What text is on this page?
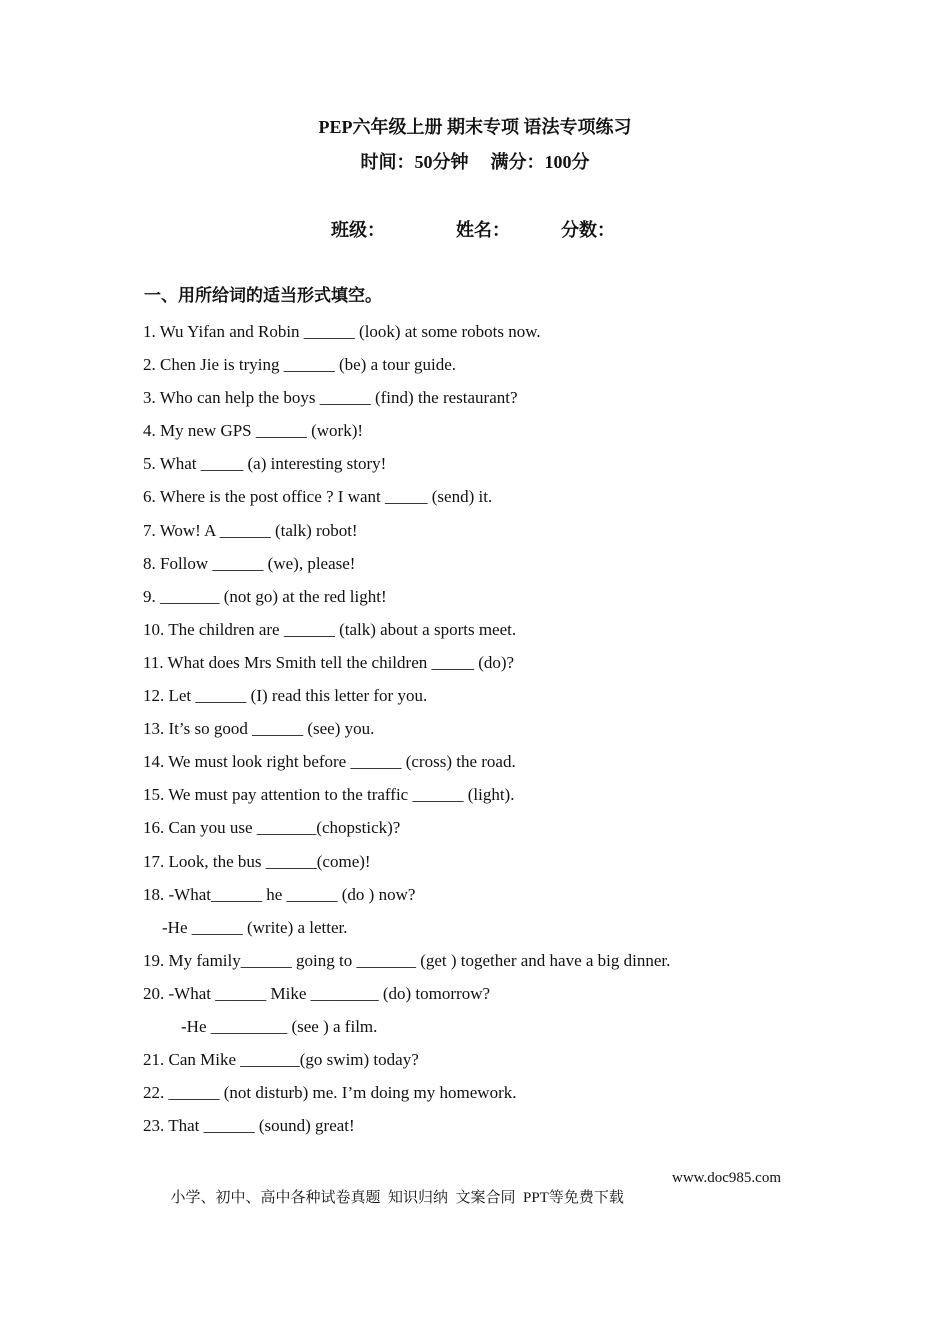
PEP六年级上册 期末专项 语法专项练习
时间：50分钟 满分：100分
班级：	姓名：	分数：
一、用所给词的适当形式填空。
1. Wu Yifan and Robin ______ (look) at some robots now.
2. Chen Jie is trying ______ (be) a tour guide.
3. Who can help the boys ______ (find) the restaurant?
4. My new GPS ______ (work)!
5. What _____ (a) interesting story!
6. Where is the post office ? I want _____ (send) it.
7. Wow! A ______ (talk) robot!
8. Follow ______ (we), please!
9. _______ (not go) at the red light!
10. The children are ______ (talk) about a sports meet.
11. What does Mrs Smith tell the children _____ (do)?
12. Let ______ (I) read this letter for you.
13. It’s so good ______ (see) you.
14. We must look right before ______ (cross) the road.
15. We must pay attention to the traffic ______ (light).
16. Can you use _______(chopstick)?
17. Look, the bus ______(come)!
18. -What______ he ______ (do ) now?
-He ______ (write) a letter.
19. My family______ going to _______ (get ) together and have a big dinner.
20. -What ______ Mike ________ (do) tomorrow?
-He _________ (see ) a film.
21. Can Mike _______(go swim) today?
22. ______ (not disturb) me. I’m doing my homework.
23. That ______ (sound) great!

小学、初中、高中各种试卷真题  知识归纳  文案合同  PPT等免费下载

www.doc985.com
